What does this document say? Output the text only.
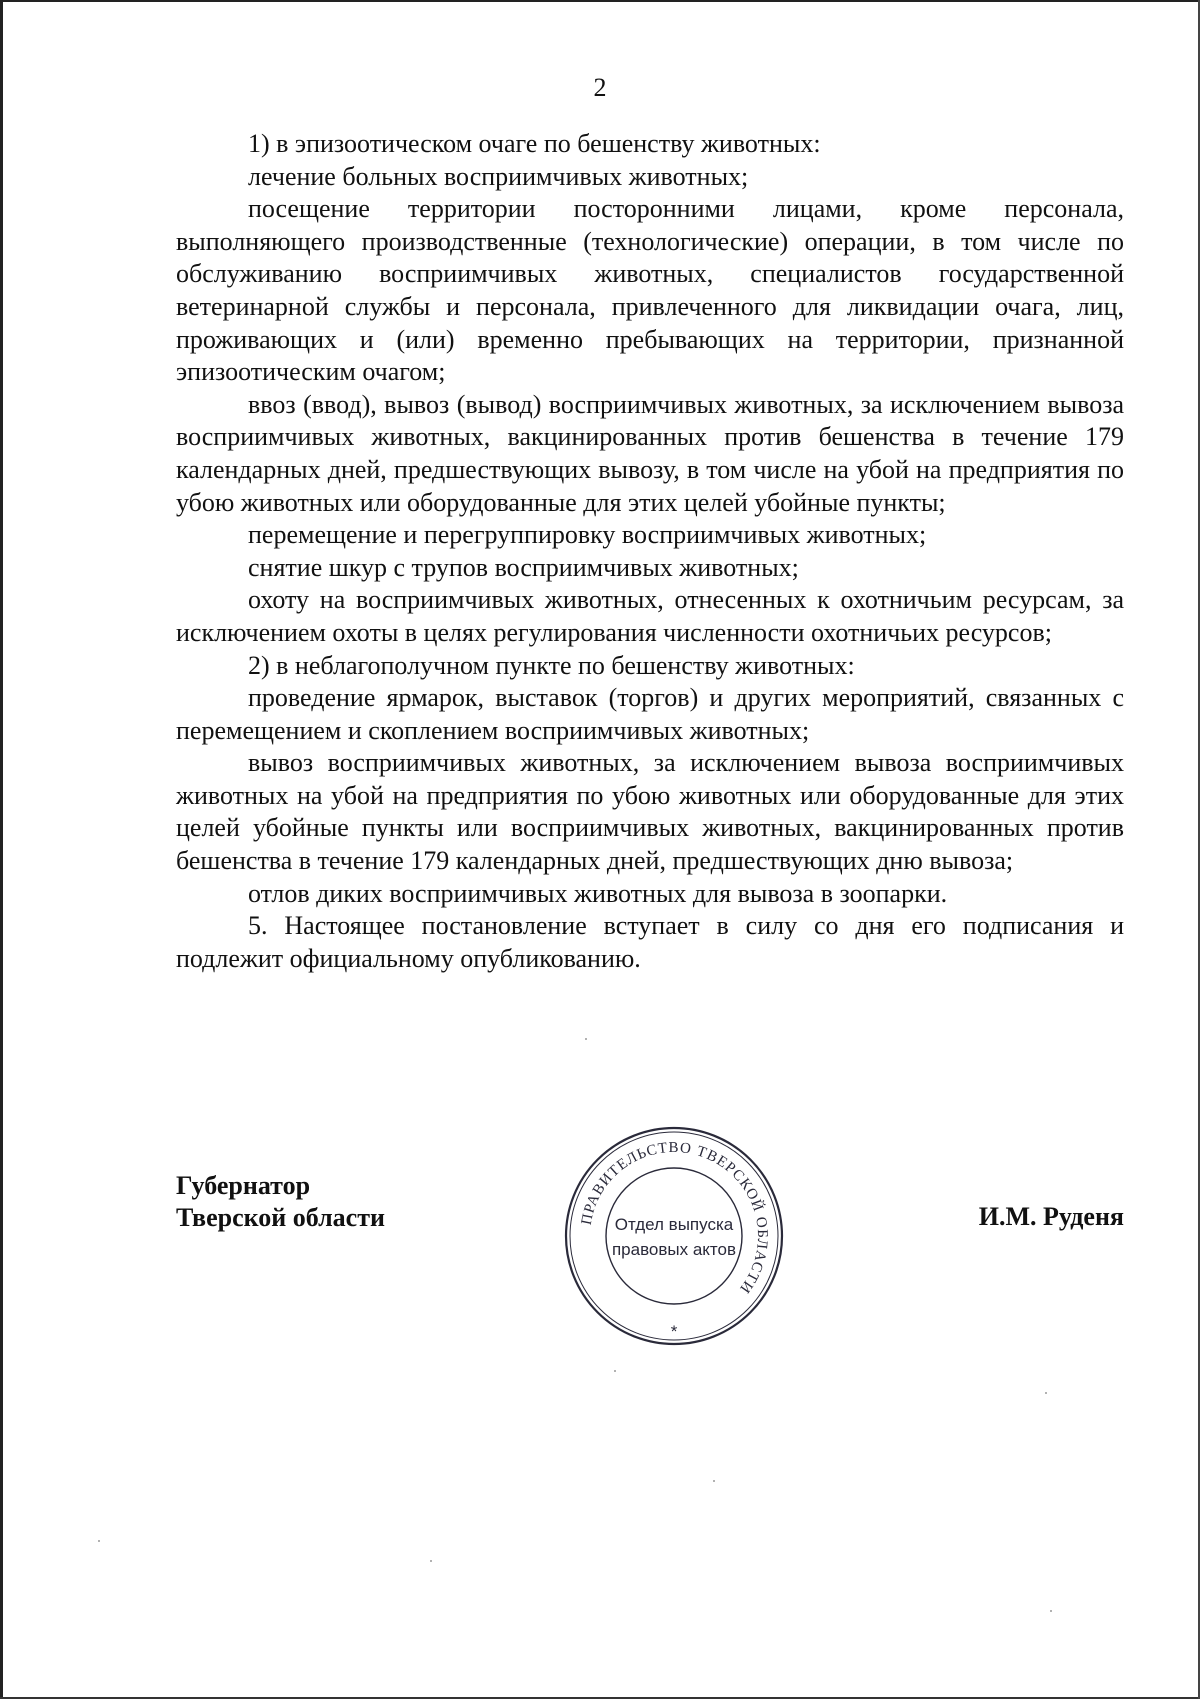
2

1) в эпизоотическом очаге по бешенству животных:

лечение больных восприимчивых животных;

посещение территории посторонними лицами, кроме персонала, выполняющего производственные (технологические) операции, в том числе по обслуживанию восприимчивых животных, специалистов государственной ветеринарной службы и персонала, привлеченного для ликвидации очага, лиц, проживающих и (или) временно пребывающих на территории, признанной эпизоотическим очагом;

ввоз (ввод), вывоз (вывод) восприимчивых животных, за исключением вывоза восприимчивых животных, вакцинированных против бешенства в течение 179 календарных дней, предшествующих вывозу, в том числе на убой на предприятия по убою животных или оборудованные для этих целей убойные пункты;

перемещение и перегруппировку восприимчивых животных;

снятие шкур с трупов восприимчивых животных;

охоту на восприимчивых животных, отнесенных к охотничьим ресурсам, за исключением охоты в целях регулирования численности охотничьих ресурсов;

2) в неблагополучном пункте по бешенству животных:

проведение ярмарок, выставок (торгов) и других мероприятий, связанных с перемещением и скоплением восприимчивых животных;

вывоз восприимчивых животных, за исключением вывоза восприимчивых животных на убой на предприятия по убою животных или оборудованные для этих целей убойные пункты или восприимчивых животных, вакцинированных против бешенства в течение 179 календарных дней, предшествующих дню вывоза;

отлов диких восприимчивых животных для вывоза в зоопарки.

5. Настоящее постановление вступает в силу со дня его подписания и подлежит официальному опубликованию.

Губернатор
Тверской области	ПРАВИТЕЛЬСТВО ТВЕРСКОЙ ОБЛАСТИ
Отдел выпуска
правовых актов
*
И.М. Руденя
